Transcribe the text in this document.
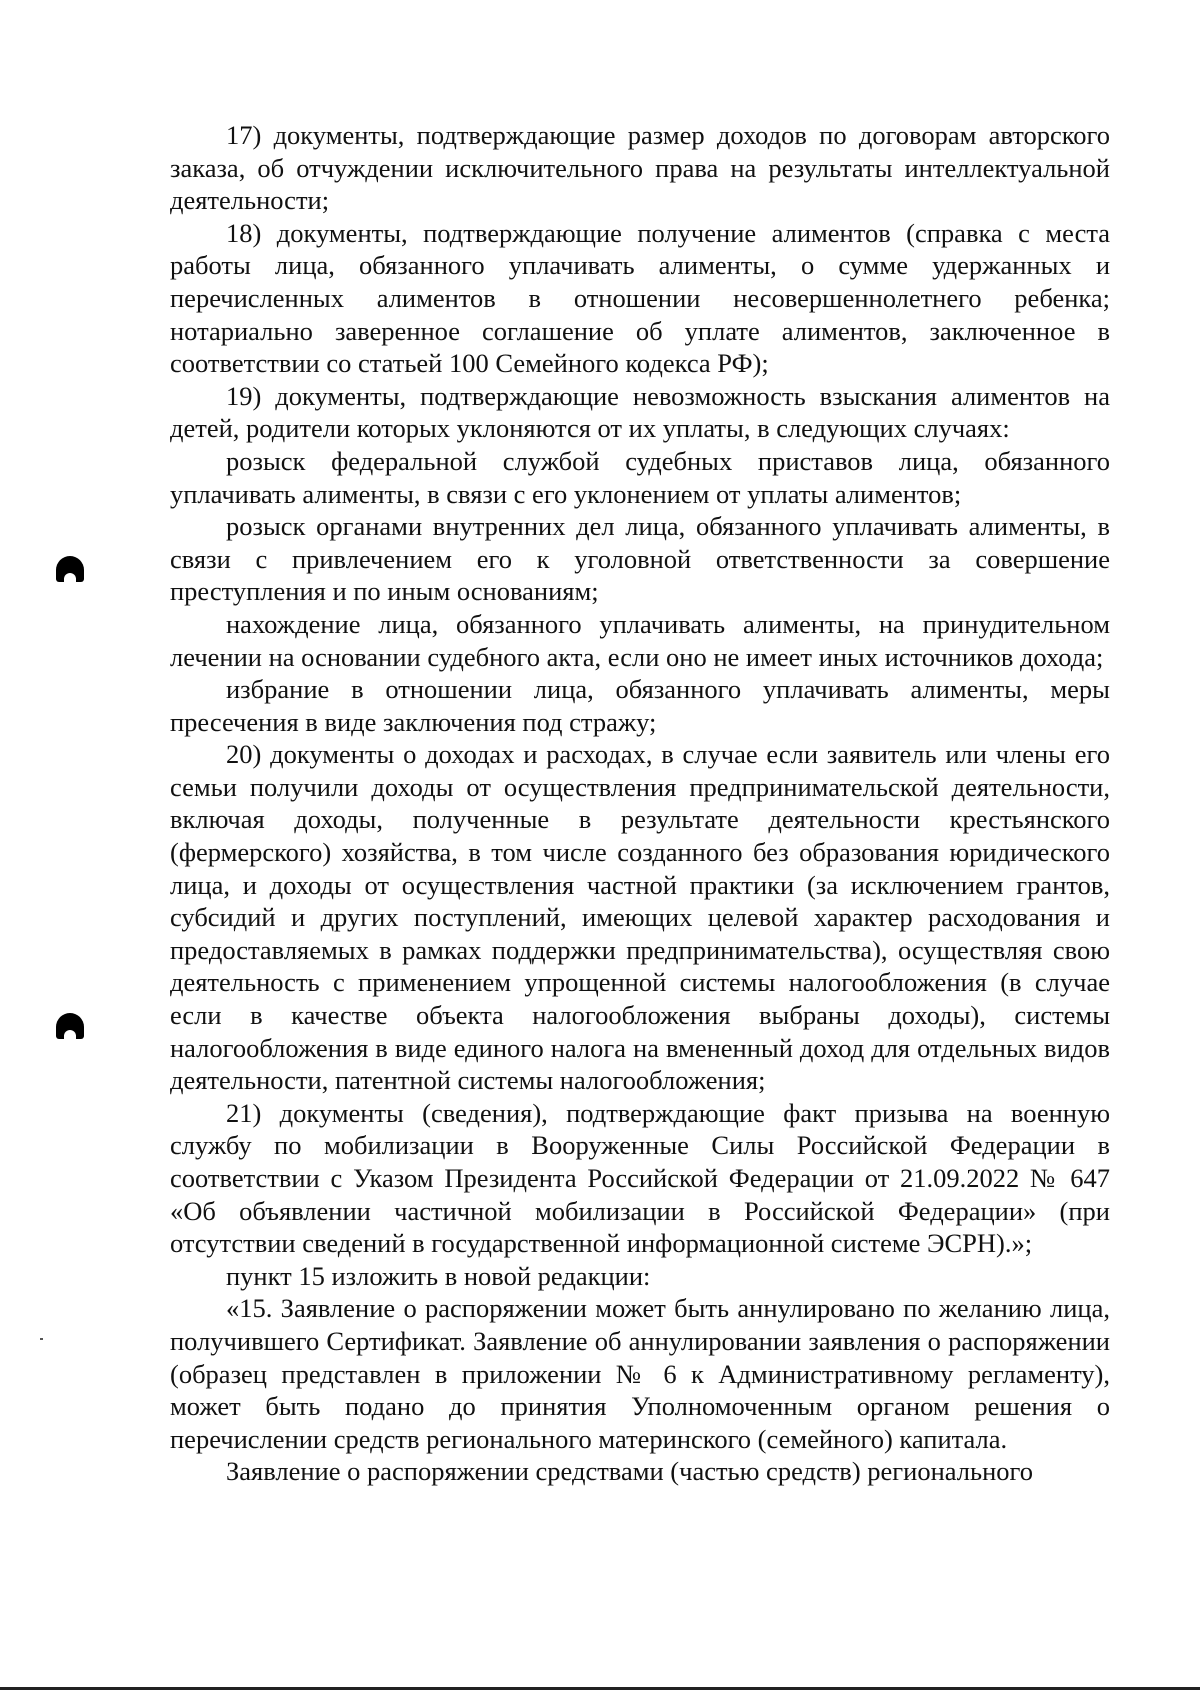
17) документы, подтверждающие размер доходов по договорам авторского заказа, об отчуждении исключительного права на результаты интеллектуальной деятельности;

18) документы, подтверждающие получение алиментов (справка с места работы лица, обязанного уплачивать алименты, о сумме удержанных и перечисленных алиментов в отношении несовершеннолетнего ребенка; нотариально заверенное соглашение об уплате алиментов, заключенное в соответствии со статьей 100 Семейного кодекса РФ);

19) документы, подтверждающие невозможность взыскания алиментов на детей, родители которых уклоняются от их уплаты, в следующих случаях:

розыск федеральной службой судебных приставов лица, обязанного уплачивать алименты, в связи с его уклонением от уплаты алиментов;

розыск органами внутренних дел лица, обязанного уплачивать алименты, в связи с привлечением его к уголовной ответственности за совершение преступления и по иным основаниям;

нахождение лица, обязанного уплачивать алименты, на принудительном лечении на основании судебного акта, если оно не имеет иных источников дохода;

избрание в отношении лица, обязанного уплачивать алименты, меры пресечения в виде заключения под стражу;

20) документы о доходах и расходах, в случае если заявитель или члены его семьи получили доходы от осуществления предпринимательской деятельности, включая доходы, полученные в результате деятельности крестьянского (фермерского) хозяйства, в том числе созданного без образования юридического лица, и доходы от осуществления частной практики (за исключением грантов, субсидий и других поступлений, имеющих целевой характер расходования и предоставляемых в рамках поддержки предпринимательства), осуществляя свою деятельность с применением упрощенной системы налогообложения (в случае если в качестве объекта налогообложения выбраны доходы), системы налогообложения в виде единого налога на вмененный доход для отдельных видов деятельности, патентной системы налогообложения;

21) документы (сведения), подтверждающие факт призыва на военную службу по мобилизации в Вооруженные Силы Российской Федерации в соответствии с Указом Президента Российской Федерации от 21.09.2022 № 647 «Об объявлении частичной мобилизации в Российской Федерации» (при отсутствии сведений в государственной информационной системе ЭСРН).»;

пункт 15 изложить в новой редакции:

«15. Заявление о распоряжении может быть аннулировано по желанию лица, получившего Сертификат. Заявление об аннулировании заявления о распоряжении (образец представлен в приложении № 6 к Административному регламенту), может быть подано до принятия Уполномоченным органом решения о перечислении средств регионального материнского (семейного) капитала.

Заявление о распоряжении средствами (частью средств) регионального
